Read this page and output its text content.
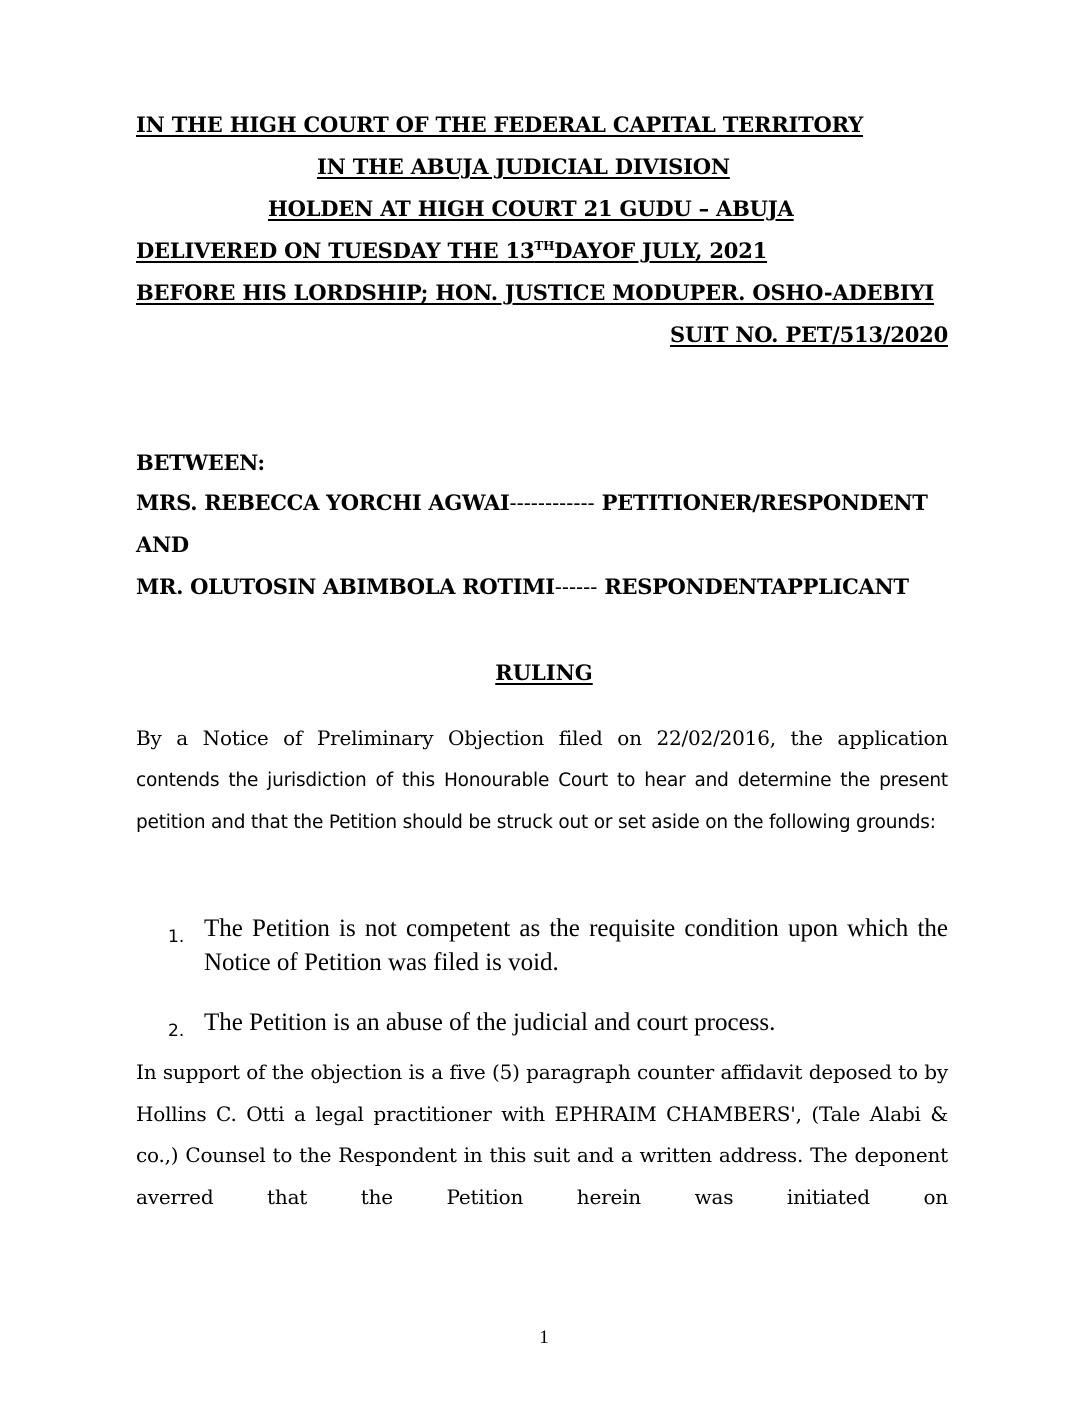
IN THE HIGH COURT OF THE FEDERAL CAPITAL TERRITORY
IN THE ABUJA JUDICIAL DIVISION
HOLDEN AT HIGH COURT 21 GUDU – ABUJA
DELIVERED ON TUESDAY THE 13THDAYOF JULY, 2021
BEFORE HIS LORDSHIP; HON. JUSTICE MODUPER. OSHO-ADEBIYI
SUIT NO. PET/513/2020
BETWEEN:
MRS. REBECCA YORCHI AGWAI------------ PETITIONER/RESPONDENT
AND
MR. OLUTOSIN ABIMBOLA ROTIMI------ RESPONDENTAPPLICANT
RULING
By a Notice of Preliminary Objection filed on 22/02/2016, the application
contends the jurisdiction of this Honourable Court to hear and determine the present petition and that the Petition should be struck out or set aside on the following grounds:
1. The Petition is not competent as the requisite condition upon which the Notice of Petition was filed is void.
2. The Petition is an abuse of the judicial and court process.
In support of the objection is a five (5) paragraph counter affidavit deposed to by Hollins C. Otti a legal practitioner with EPHRAIM CHAMBERS', (Tale Alabi & co.,) Counsel to the Respondent in this suit and a written address. The deponent averred that the Petition herein was initiated on
1
